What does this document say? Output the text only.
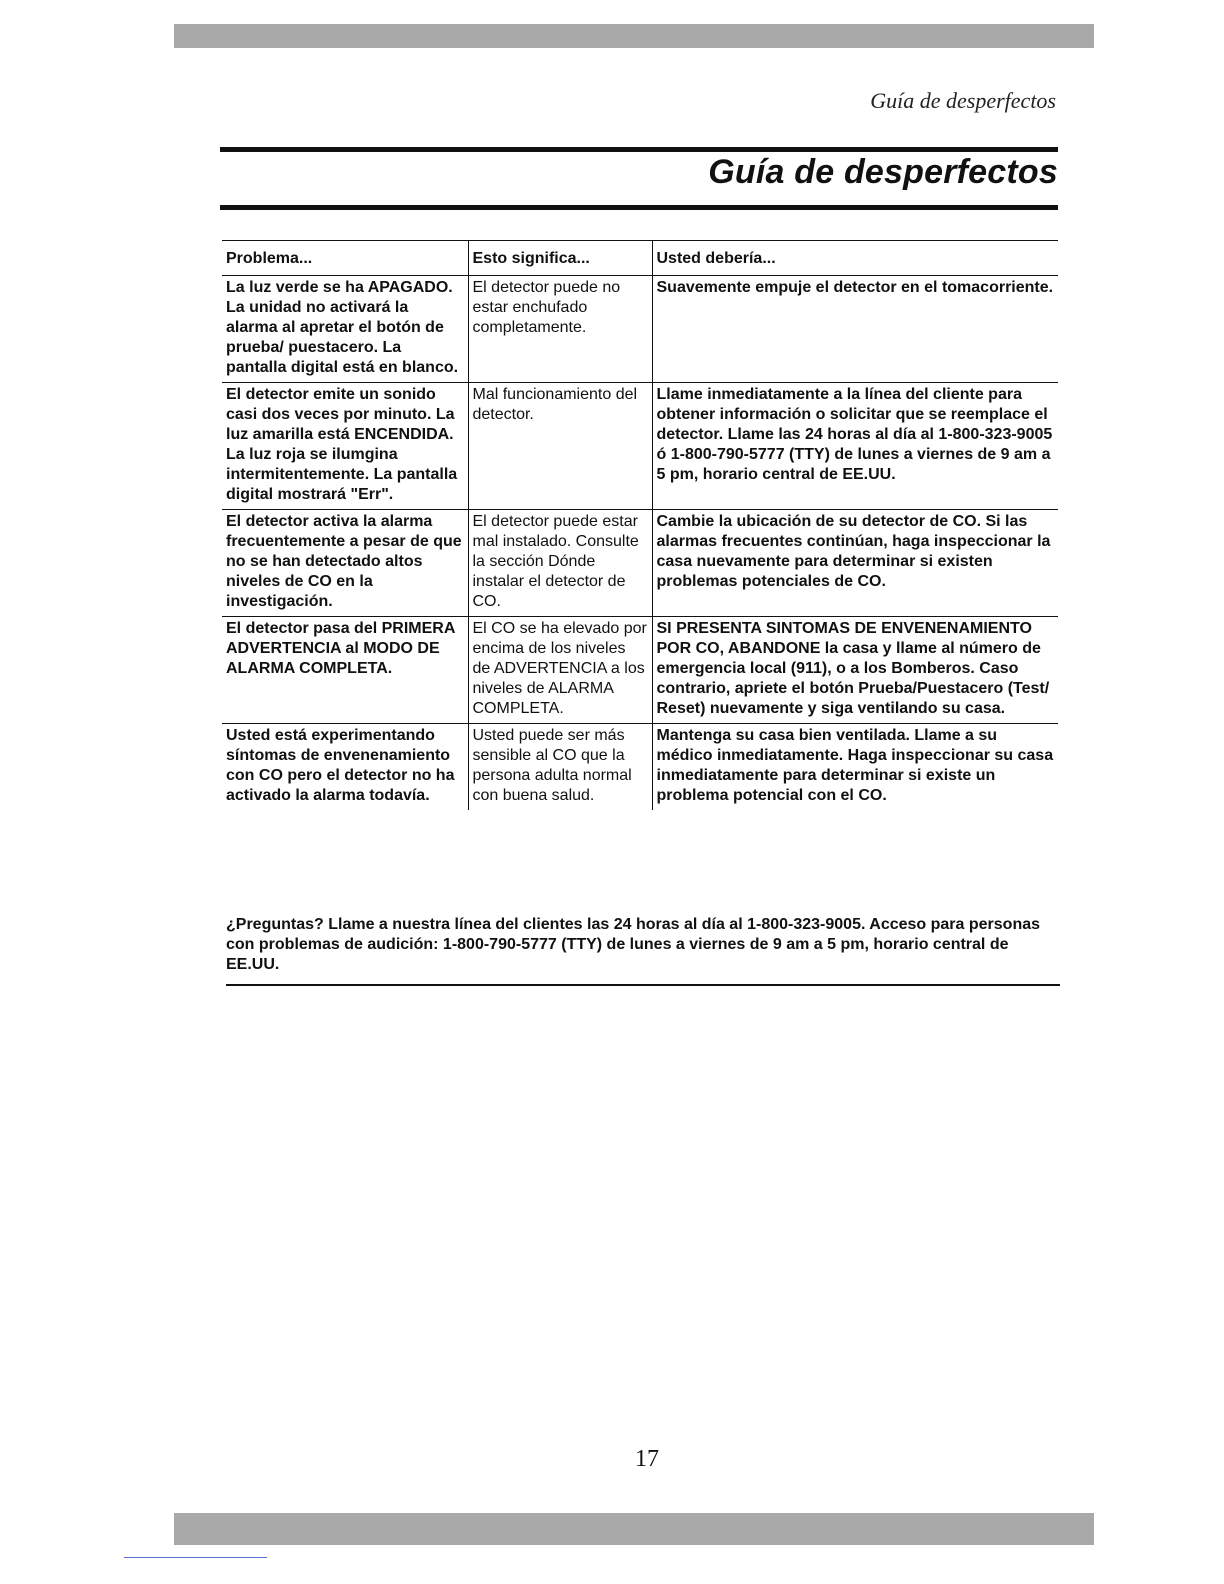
Guía de desperfectos
Guía de desperfectos
Problema...	Esto significa...	Usted debería...
La luz verde se ha APAGADO. La unidad no activará la alarma al apretar el botón de prueba/ puestacero. La pantalla digital está en blanco.	El detector puede no estar enchufado completamente.	Suavemente empuje el detector en el tomacorriente.
El detector emite un sonido casi dos veces por minuto. La luz amarilla está ENCENDIDA. La luz roja se ilumgina intermitentemente. La pantalla digital mostrará "Err".	Mal funcionamiento del detector.	Llame inmediatamente a la línea del cliente para obtener información o solicitar que se reemplace el detector. Llame las 24 horas al día al 1-800-323-9005 ó 1-800-790-5777 (TTY) de lunes a viernes de 9 am a 5 pm, horario central de EE.UU.
El detector activa la alarma frecuentemente a pesar de que no se han detectado altos niveles de CO en la investigación.	El detector puede estar mal instalado. Consulte la sección Dónde instalar el detector de CO.	Cambie la ubicación de su detector de CO. Si las alarmas frecuentes continúan, haga inspeccionar la casa nuevamente para determinar si existen problemas potenciales de CO.
El detector pasa del PRIMERA ADVERTENCIA al MODO DE ALARMA COMPLETA.	El CO se ha elevado por encima de los niveles de ADVERTENCIA a los niveles de ALARMA COMPLETA.	SI PRESENTA SINTOMAS DE ENVENENAMIENTO POR CO, ABANDONE la casa y llame al número de emergencia local (911), o a los Bomberos. Caso contrario, apriete el botón Prueba/Puestacero (Test/ Reset) nuevamente y siga ventilando su casa.
Usted está experimentando síntomas de envenenamiento con CO pero el detector no ha activado la alarma todavía.	Usted puede ser más sensible al CO que la persona adulta normal con buena salud.	Mantenga su casa bien ventilada. Llame a su médico inmediatamente. Haga inspeccionar su casa inmediatamente para determinar si existe un problema potencial con el CO.
¿Preguntas? Llame a nuestra línea del clientes las 24 horas al día al 1-800-323-9005. Acceso para personas con problemas de audición: 1-800-790-5777 (TTY) de lunes a viernes de 9 am a 5 pm, horario central de EE.UU.
17
